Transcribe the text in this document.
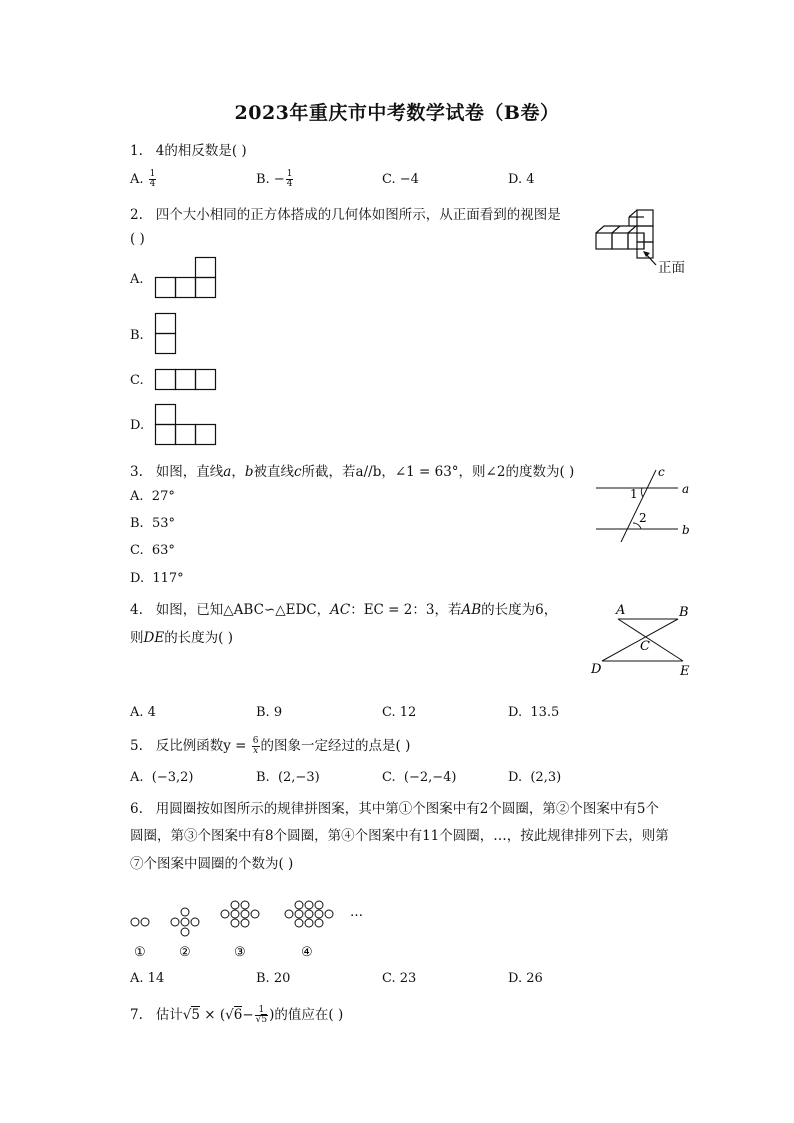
2023年重庆市中考数学试卷（B卷）
1. 4的相反数是( )
A. $\frac{1}{4}$	B. − $\frac{1}{4}$	C. −4	D. 4
2. 四个大小相同的正方体搭成的几何体如图所示，从正面看到的视图是
( )
正面
A.
B.
C.
D.
3. 如图，直线a，b被直线c所截，若a//b，∠1 = 63°，则∠2的度数为( )	c
a
b
1
2
A. 27°
B. 53°
C. 63°
D. 117°
4. 如图，已知△ABC∽△EDC，AC：EC = 2：3，若AB的长度为6，
则DE的长度为( )
A	B
C
D	E
A. 4	B. 9	C. 12	D. 13.5
5. 反比例函数$y = \frac{6}{x}$ 的图象一定经过的点是( )
A. (−3,2)	B. (2,−3)	C. (−2,−4)	D. (2,3)
6. 用圆圈按如图所示的规律拼图案，其中第①个图案中有2个圆圈，第②个图案中有5个
圆圈，第③个图案中有8个圆圈，第④个图案中有11个圆圈，…，按此规律排列下去，则第
⑦个图案中圆圈的个数为( )
…
①	②	③	④
A. 14	B. 20	C. 23	D. 26
7. 估计$√5 \times (√6- \frac{1}{√5}$ )的值应在( )
